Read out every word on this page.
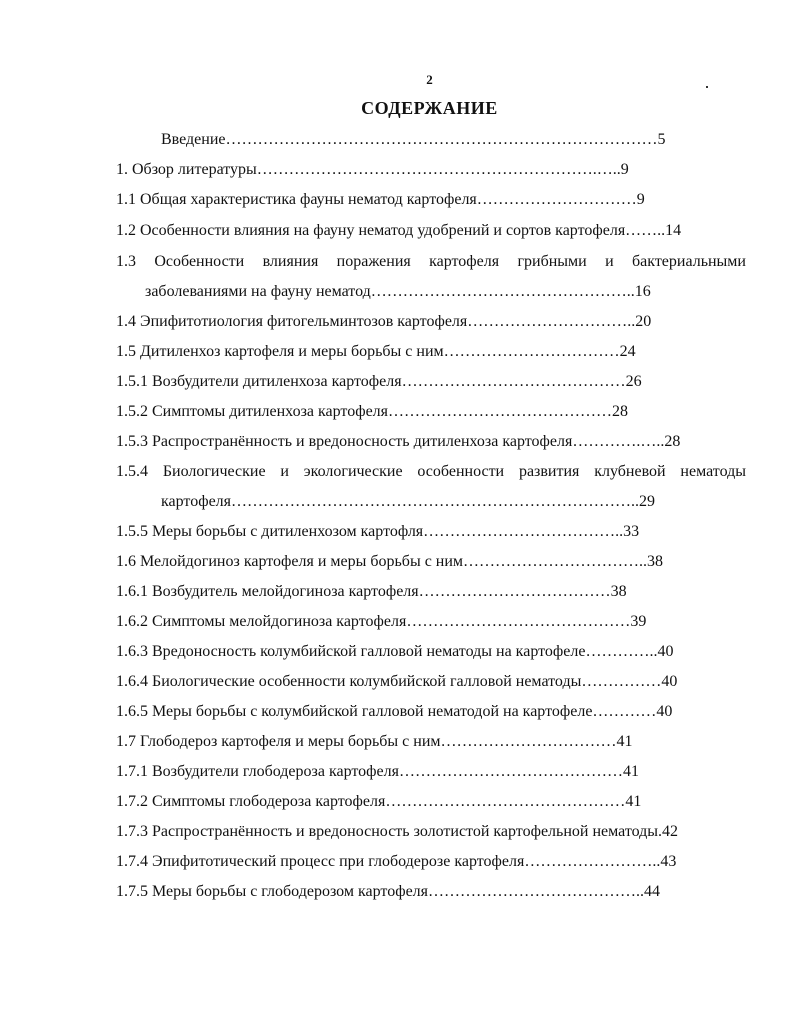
2
СОДЕРЖАНИЕ
Введение………………………………………………………………………5
1. Обзор литературы……………………………………………………….…..9
1.1 Общая характеристика фауны нематод картофеля…………………………9
1.2 Особенности влияния на фауну нематод удобрений и сортов картофеля……..14
1.3 Особенности влияния поражения картофеля грибными и бактериальными
заболеваниями на фауну нематод…………………………………………..16
1.4 Эпифитотиология фитогельминтозов картофеля…………………………..20
1.5 Дитиленхоз картофеля и меры борьбы с ним……………………………24
1.5.1 Возбудители дитиленхоза картофеля……………………………………26
1.5.2 Симптомы дитиленхоза картофеля……………………………………28
1.5.3 Распространённость и вредоносность дитиленхоза картофеля………….…..28
1.5.4 Биологические и экологические особенности развития клубневой нематоды
картофеля…………………………………………………………………..29
1.5.5 Меры борьбы с дитиленхозом картофля………………………………..33
1.6 Мелойдогиноз картофеля и меры борьбы с ним……………………………..38
1.6.1 Возбудитель мелойдогиноза картофеля………………………………38
1.6.2 Симптомы мелойдогиноза картофеля……………………………………39
1.6.3 Вредоносность колумбийской галловой нематоды на картофеле…………..40
1.6.4 Биологические особенности колумбийской галловой нематоды……………40
1.6.5 Меры борьбы с колумбийской галловой нематодой на картофеле…………40
1.7 Глободероз картофеля и меры борьбы с ним……………………………41
1.7.1 Возбудители глободероза картофеля……………………………………41
1.7.2 Симптомы глободероза картофеля………………………………………41
1.7.3 Распространённость и вредоносность золотистой картофельной нематоды.42
1.7.4 Эпифитотический процесс при глободерозе картофеля……………………..43
1.7.5 Меры борьбы с глободерозом картофеля…………………………………..44
